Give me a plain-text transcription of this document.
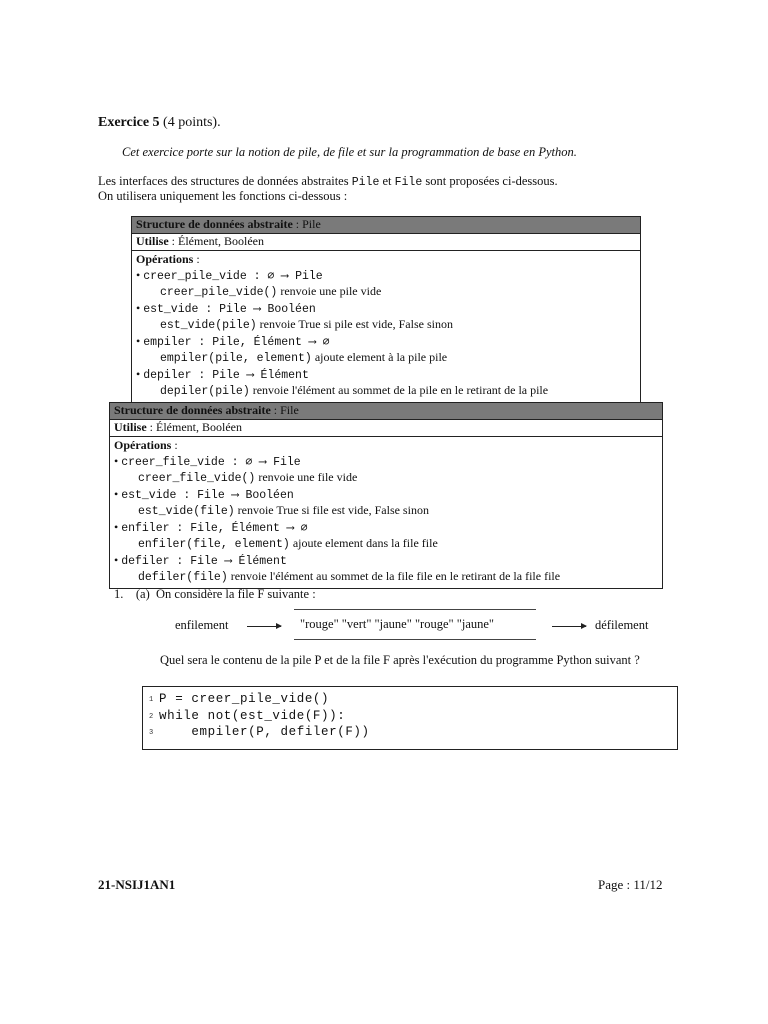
Exercice 5 (4 points).
Cet exercice porte sur la notion de pile, de file et sur la programmation de base en Python.
Les interfaces des structures de données abstraites Pile et File sont proposées ci-dessous.
On utilisera uniquement les fonctions ci-dessous :
Structure de données abstraite : Pile
Utilise : Élément, Booléen
Opérations :
• creer_pile_vide : ∅ ⟶ Pile
creer_pile_vide() renvoie une pile vide
• est_vide : Pile ⟶ Booléen
est_vide(pile) renvoie True si pile est vide, False sinon
• empiler : Pile, Élément ⟶ ∅
empiler(pile, element) ajoute element à la pile pile
• depiler : Pile ⟶ Élément
depiler(pile) renvoie l'élément au sommet de la pile en le retirant de la pile
Structure de données abstraite : File
Utilise : Élément, Booléen
Opérations :
• creer_file_vide : ∅ ⟶ File
creer_file_vide() renvoie une file vide
• est_vide : File ⟶ Booléen
est_vide(file) renvoie True si file est vide, False sinon
• enfiler : File, Élément ⟶ ∅
enfiler(file, element) ajoute element dans la file file
• defiler : File ⟶ Élément
defiler(file) renvoie l'élément au sommet de la file file en le retirant de la file file
1. (a) On considère la file F suivante :
enfilement	"rouge" "vert" "jaune" "rouge" "jaune"	défilement
Quel sera le contenu de la pile P et de la file F après l'exécution du programme Python suivant ?
1 P = creer_pile_vide()
2 while not(est_vide(F)):
3    empiler(P, defiler(F))
21-NSIJ1AN1	Page : 11/12
